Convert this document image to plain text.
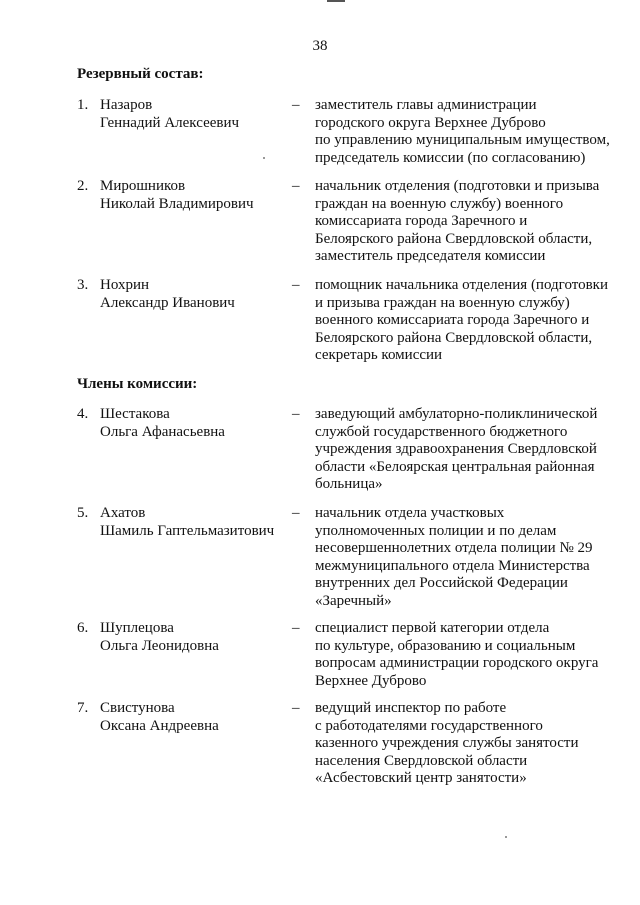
38
Резервный состав:
1. Назаров
Геннадий Алексеевич
–	заместитель главы администрации
городского округа Верхнее Дуброво
по управлению муниципальным имуществом,
председатель комиссии (по согласованию)
2. Мирошников
Николай Владимирович
–	начальник отделения (подготовки и призыва
граждан на военную службу) военного
комиссариата города Заречного и
Белоярского района Свердловской области,
заместитель председателя комиссии
3. Нохрин
Александр Иванович
–	помощник начальника отделения (подготовки
и призыва граждан на военную службу)
военного комиссариата города Заречного и
Белоярского района Свердловской области,
секретарь комиссии
Члены комиссии:
4. Шестакова
Ольга Афанасьевна
–	заведующий амбулаторно-поликлинической
службой государственного бюджетного
учреждения здравоохранения Свердловской
области «Белоярская центральная районная
больница»
5. Ахатов
Шамиль Гаптельмазитович
–	начальник отдела участковых
уполномоченных полиции и по делам
несовершеннолетних отдела полиции № 29
межмуниципального отдела Министерства
внутренних дел Российской Федерации
«Заречный»
6. Шуплецова
Ольга Леонидовна
–	специалист первой категории отдела
по культуре, образованию и социальным
вопросам администрации городского округа
Верхнее Дуброво
7. Свистунова
Оксана Андреевна
–	ведущий инспектор по работе
с работодателями государственного
казенного учреждения службы занятости
населения Свердловской области
«Асбестовский центр занятости»
